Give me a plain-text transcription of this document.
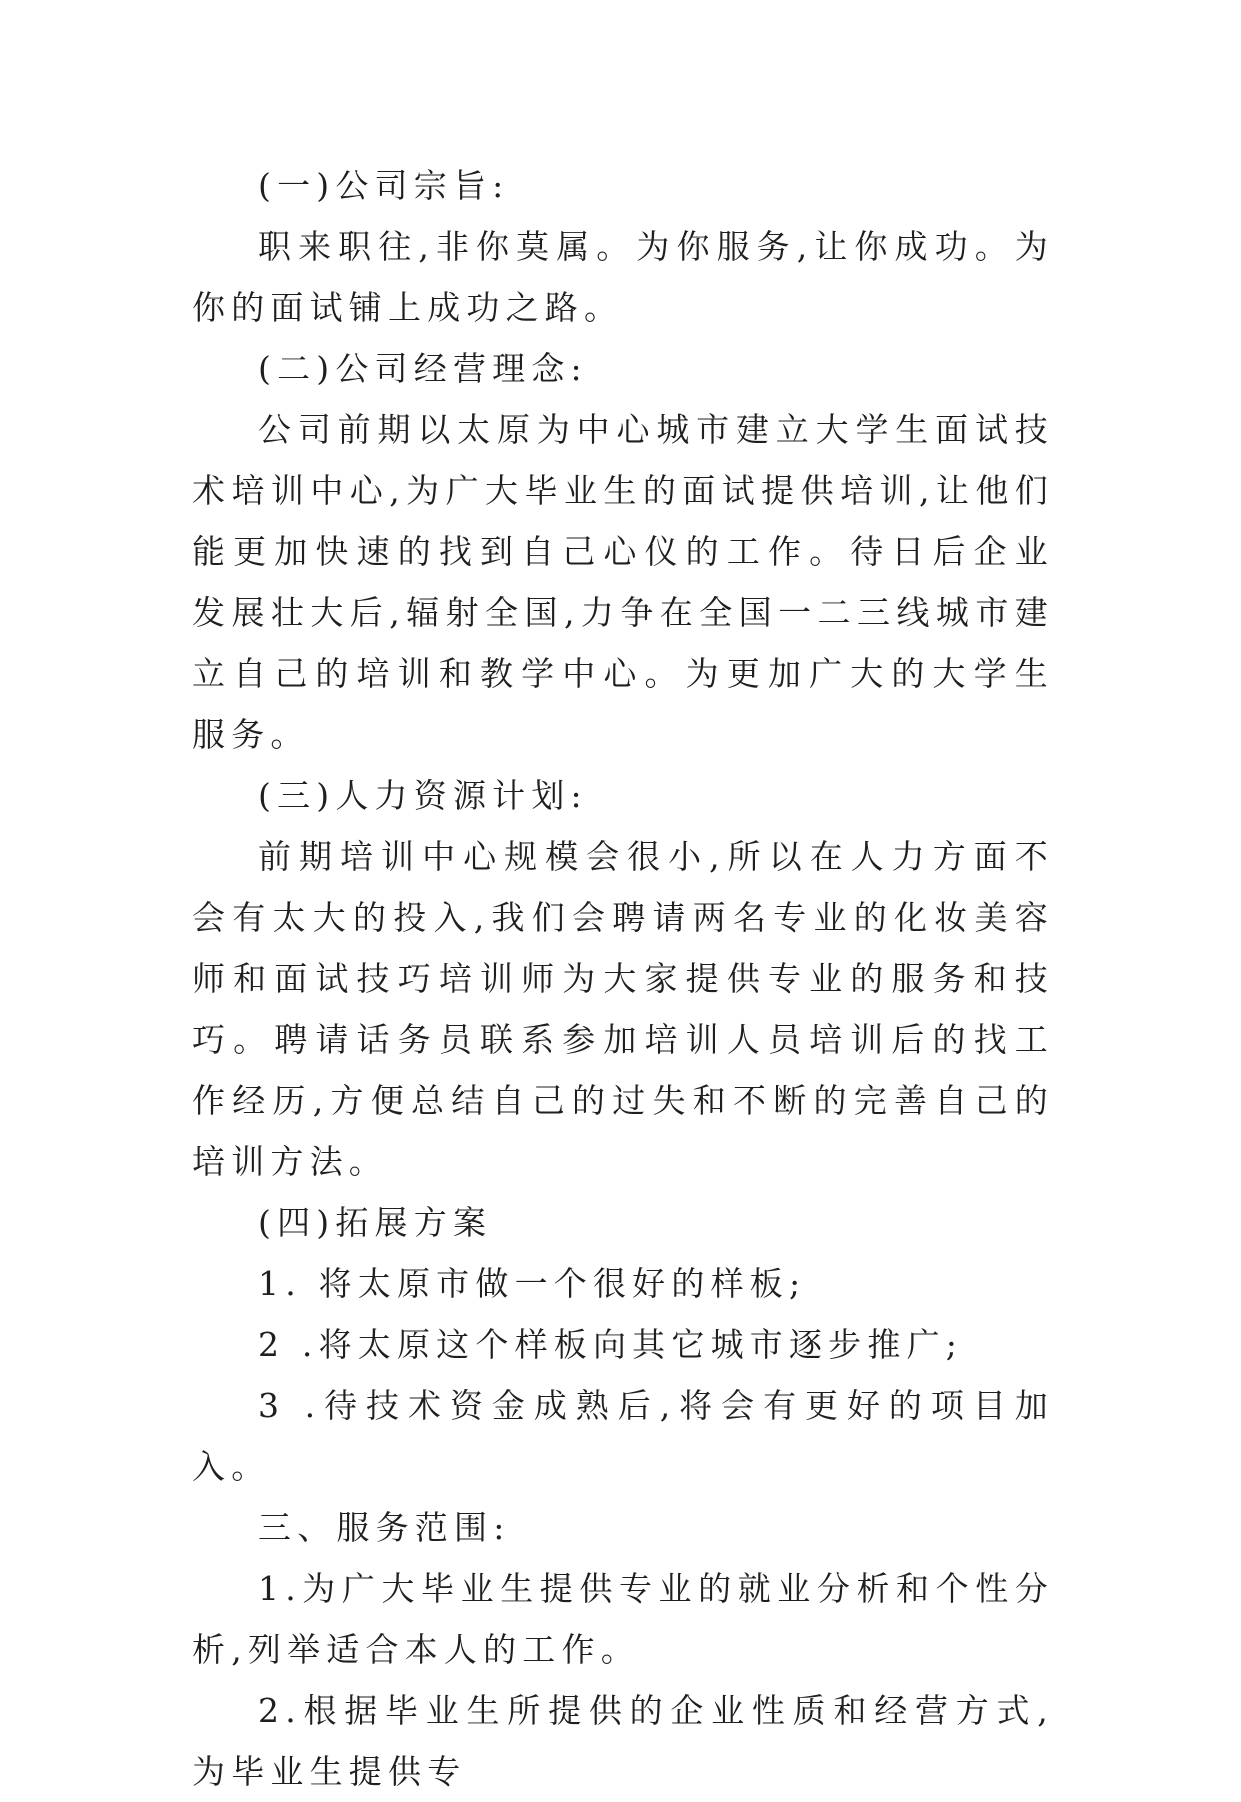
(一)公司宗旨:

职来职往,非你莫属。为你服务,让你成功。为你的面试铺上成功之路。

(二)公司经营理念:

公司前期以太原为中心城市建立大学生面试技术培训中心,为广大毕业生的面试提供培训,让他们能更加快速的找到自己心仪的工作。待日后企业发展壮大后,辐射全国,力争在全国一二三线城市建立自己的培训和教学中心。为更加广大的大学生服务。

(三)人力资源计划:

前期培训中心规模会很小,所以在人力方面不会有太大的投入,我们会聘请两名专业的化妆美容师和面试技巧培训师为大家提供专业的服务和技巧。聘请话务员联系参加培训人员培训后的找工作经历,方便总结自己的过失和不断的完善自己的培训方法。

(四)拓展方案

1. 将太原市做一个很好的样板;

2 .将太原这个样板向其它城市逐步推广;

3 .待技术资金成熟后,将会有更好的项目加入。

三、服务范围:

1.为广大毕业生提供专业的就业分析和个性分析,列举适合本人的工作。

2.根据毕业生所提供的企业性质和经营方式,为毕业生提供专
